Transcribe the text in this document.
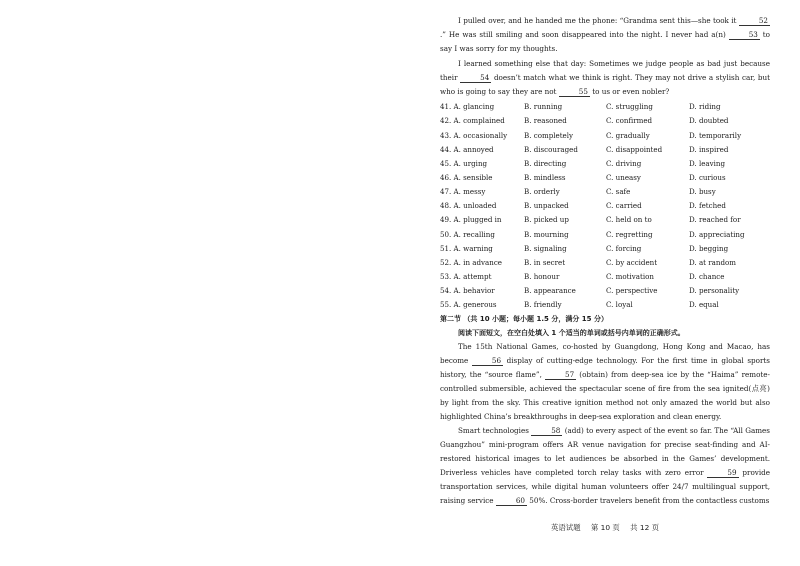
I pulled over, and he handed me the phone: “Grandma sent this—she took it	52.” He was still smiling and soon disappeared into the night. I never had a(n)	53 to say I was sorry for my thoughts.

I learned something else that day: Sometimes we judge people as bad just because their	54 doesn’t match what we think is right. They may not drive a stylish car, but who is going to say they are not	55 to us or even nobler?

41. A. glancing	B. running	C. struggling	D. riding
42. A. complained	B. reasoned	C. confirmed	D. doubted
43. A. occasionally	B. completely	C. gradually	D. temporarily
44. A. annoyed	B. discouraged	C. disappointed	D. inspired
45. A. urging	B. directing	C. driving	D. leaving
46. A. sensible	B. mindless	C. uneasy	D. curious
47. A. messy	B. orderly	C. safe	D. busy
48. A. unloaded	B. unpacked	C. carried	D. fetched
49. A. plugged in	B. picked up	C. held on to	D. reached for
50. A. recalling	B. mourning	C. regretting	D. appreciating
51. A. warning	B. signaling	C. forcing	D. begging
52. A. in advance	B. in secret	C. by accident	D. at random
53. A. attempt	B. honour	C. motivation	D. chance
54. A. behavior	B. appearance	C. perspective	D. personality
55. A. generous	B. friendly	C. loyal	D. equal

第二节 （共 10 小题；每小题 1.5 分，满分 15 分）

阅读下面短文，在空白处填入 1 个适当的单词或括号内单词的正确形式。

The 15th National Games, co-hosted by Guangdong, Hong Kong and Macao, has become	56 display of cutting-edge technology. For the first time in global sports history, the “source flame”,	57 (obtain) from deep-sea ice by the “Haima” remote-controlled submersible, achieved the spectacular scene of fire from the sea ignited(点亮) by light from the sky. This creative ignition method not only amazed the world but also highlighted China’s breakthroughs in deep-sea exploration and clean energy.

Smart technologies	58 (add) to every aspect of the event so far. The “All Games Guangzhou” mini-program offers AR venue navigation for precise seat-finding and AI-restored historical images to let audiences be absorbed in the Games’ development. Driverless vehicles have completed torch relay tasks with zero error	59 provide transportation services, while digital human volunteers offer 24/7 multilingual support, raising service	60 50%. Cross-border travelers benefit from the contactless customs

英语试题 第 10 页 共 12 页
